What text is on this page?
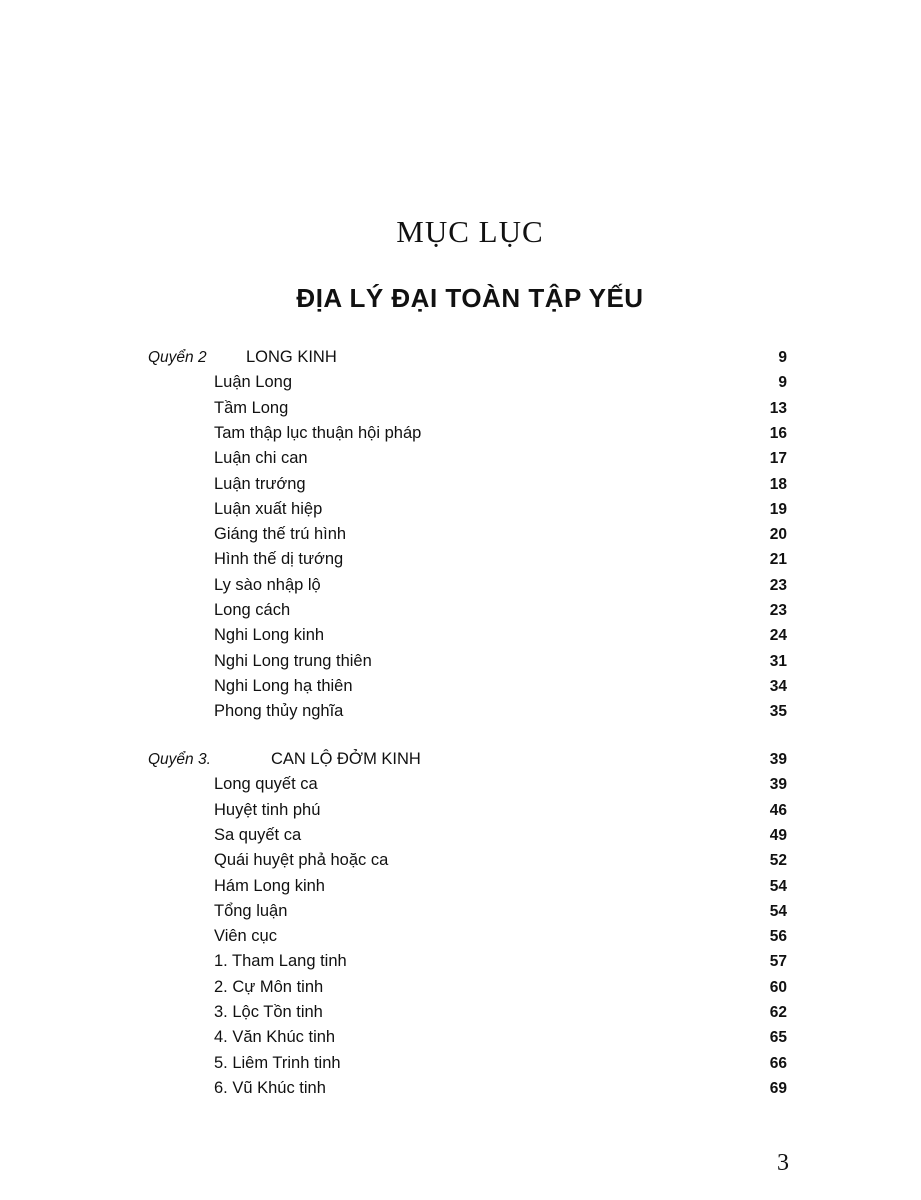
MỤC LỤC
ĐỊA LÝ ĐẠI TOÀN TẬP YẾU
Quyển 2 LONG KINH	9
Luận Long	9
Tầm Long	13
Tam thập lục thuận hội pháp	16
Luận chi can	17
Luận trướng	18
Luận xuất hiệp	19
Giáng thế trú hình	20
Hình thế dị tướng	21
Ly sào nhập lộ	23
Long cách	23
Nghi Long kinh	24
Nghi Long trung thiên	31
Nghi Long hạ thiên	34
Phong thủy nghĩa	35
Quyển 3.	CAN LỘ ĐỞM KINH	39
Long quyết ca	39
Huyệt tinh phú	46
Sa quyết ca	49
Quái huyệt phả hoặc ca	52
Hám Long kinh	54
Tổng luận	54
Viên cục	56
1. Tham Lang tinh	57
2. Cự Môn tinh	60
3. Lộc Tồn tinh	62
4. Văn Khúc tinh	65
5. Liêm Trinh tinh	66
6. Vũ Khúc tinh	69
3
